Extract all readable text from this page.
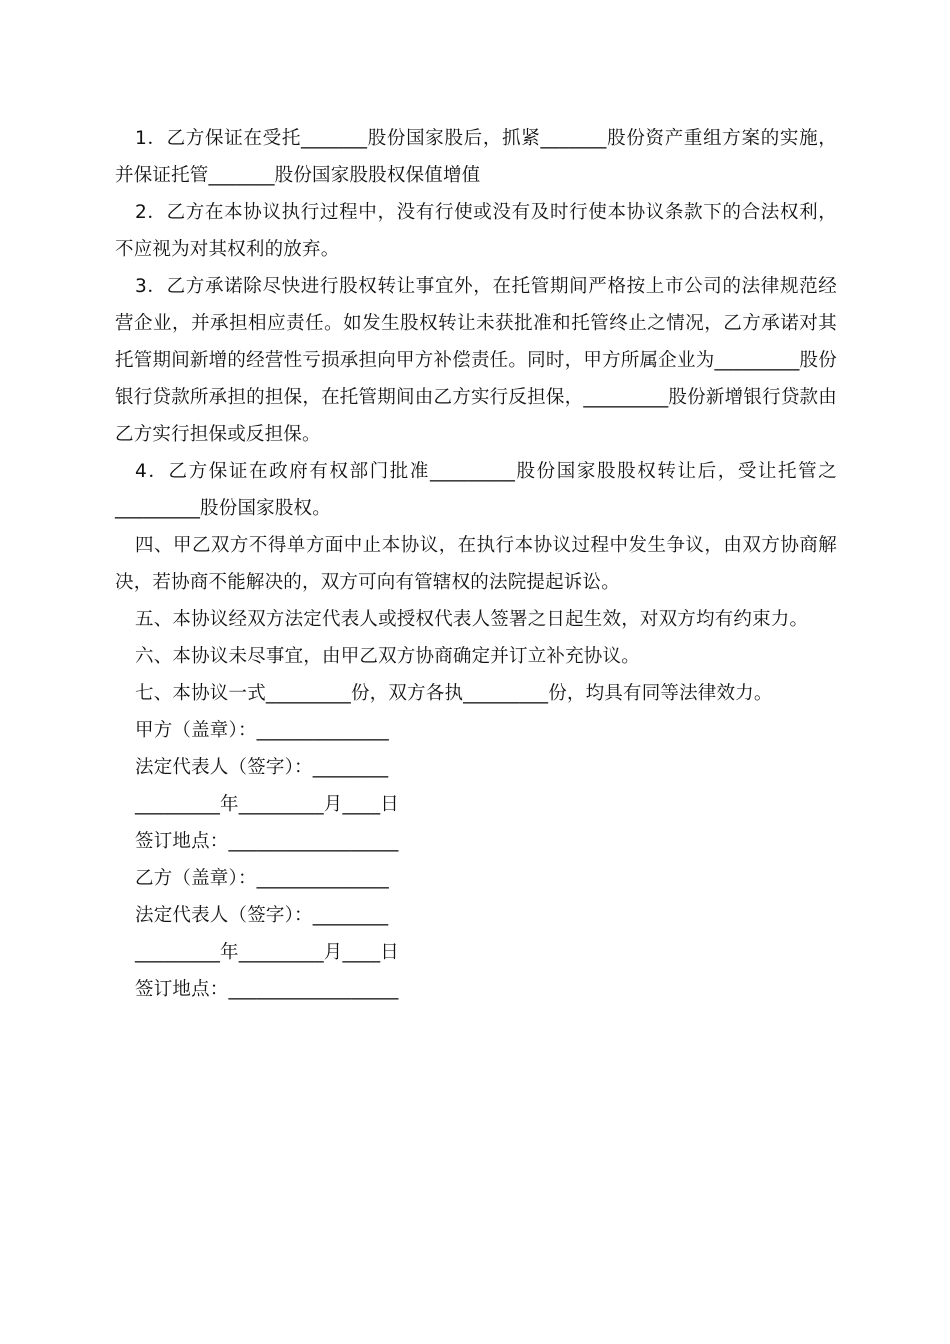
1．乙方保证在受托_______股份国家股后，抓紧_______股份资产重组方案的实施，并保证托管_______股份国家股股权保值增值

2．乙方在本协议执行过程中，没有行使或没有及时行使本协议条款下的合法权利，不应视为对其权利的放弃。

3．乙方承诺除尽快进行股权转让事宜外，在托管期间严格按上市公司的法律规范经营企业，并承担相应责任。如发生股权转让未获批准和托管终止之情况，乙方承诺对其托管期间新增的经营性亏损承担向甲方补偿责任。同时，甲方所属企业为_________股份银行贷款所承担的担保，在托管期间由乙方实行反担保，_________股份新增银行贷款由乙方实行担保或反担保。

4．乙方保证在政府有权部门批准_________股份国家股股权转让后，受让托管之_________股份国家股权。

四、甲乙双方不得单方面中止本协议，在执行本协议过程中发生争议，由双方协商解决，若协商不能解决的，双方可向有管辖权的法院提起诉讼。

五、本协议经双方法定代表人或授权代表人签署之日起生效，对双方均有约束力。

六、本协议未尽事宜，由甲乙双方协商确定并订立补充协议。

七、本协议一式_________份，双方各执_________份，均具有同等法律效力。

甲方（盖章）：______________

法定代表人（签字）：________

_________年_________月____日

签订地点：__________________

乙方（盖章）：______________

法定代表人（签字）：________

_________年_________月____日

签订地点：__________________
